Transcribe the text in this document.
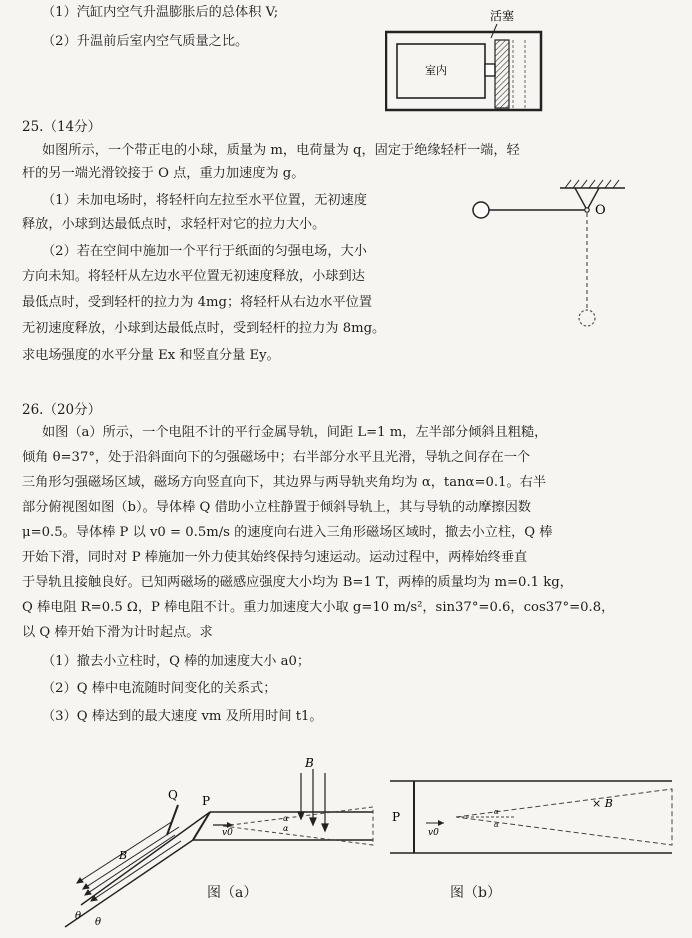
（1）汽缸内空气升温膨胀后的总体积 V;
（2）升温前后室内空气质量之比。
活塞
室内
25.（14分）
如图所示，一个带正电的小球，质量为 m，电荷量为 q，固定于绝缘轻杆一端，轻
杆的另一端光滑铰接于 O 点，重力加速度为 g。
（1）未加电场时，将轻杆向左拉至水平位置，无初速度
释放，小球到达最低点时，求轻杆对它的拉力大小。
（2）若在空间中施加一个平行于纸面的匀强电场，大小
方向未知。将轻杆从左边水平位置无初速度释放，小球到达
最低点时，受到轻杆的拉力为 4mg；将轻杆从右边水平位置
无初速度释放，小球到达最低点时，受到轻杆的拉力为 8mg。
求电场强度的水平分量 Ex 和竖直分量 Ey。
O
26.（20分）
如图（a）所示，一个电阻不计的平行金属导轨，间距 L=1 m，左半部分倾斜且粗糙，
倾角 θ=37°，处于沿斜面向下的匀强磁场中；右半部分水平且光滑，导轨之间存在一个
三角形匀强磁场区域，磁场方向竖直向下，其边界与两导轨夹角均为 α，tanα=0.1。右半
部分俯视图如图（b）。导体棒 Q 借助小立柱静置于倾斜导轨上，其与导轨的动摩擦因数
μ=0.5。导体棒 P 以 v0 = 0.5m/s 的速度向右进入三角形磁场区域时，撤去小立柱，Q 棒
开始下滑，同时对 P 棒施加一外力使其始终保持匀速运动。运动过程中，两棒始终垂直
于导轨且接触良好。已知两磁场的磁感应强度大小均为 B=1 T，两棒的质量均为 m=0.1 kg，
Q 棒电阻 R=0.5 Ω，P 棒电阻不计。重力加速度大小取 g=10 m/s²，sin37°=0.6，cos37°=0.8，
以 Q 棒开始下滑为计时起点。求
（1）撤去小立柱时，Q 棒的加速度大小 a0；
（2）Q 棒中电流随时间变化的关系式；
（3）Q 棒达到的最大速度 vm 及所用时间 t1。
P
Q
B
θ
θ
v0
B
α
α
图（a）
P
v0
α
α
× B
图（b）
